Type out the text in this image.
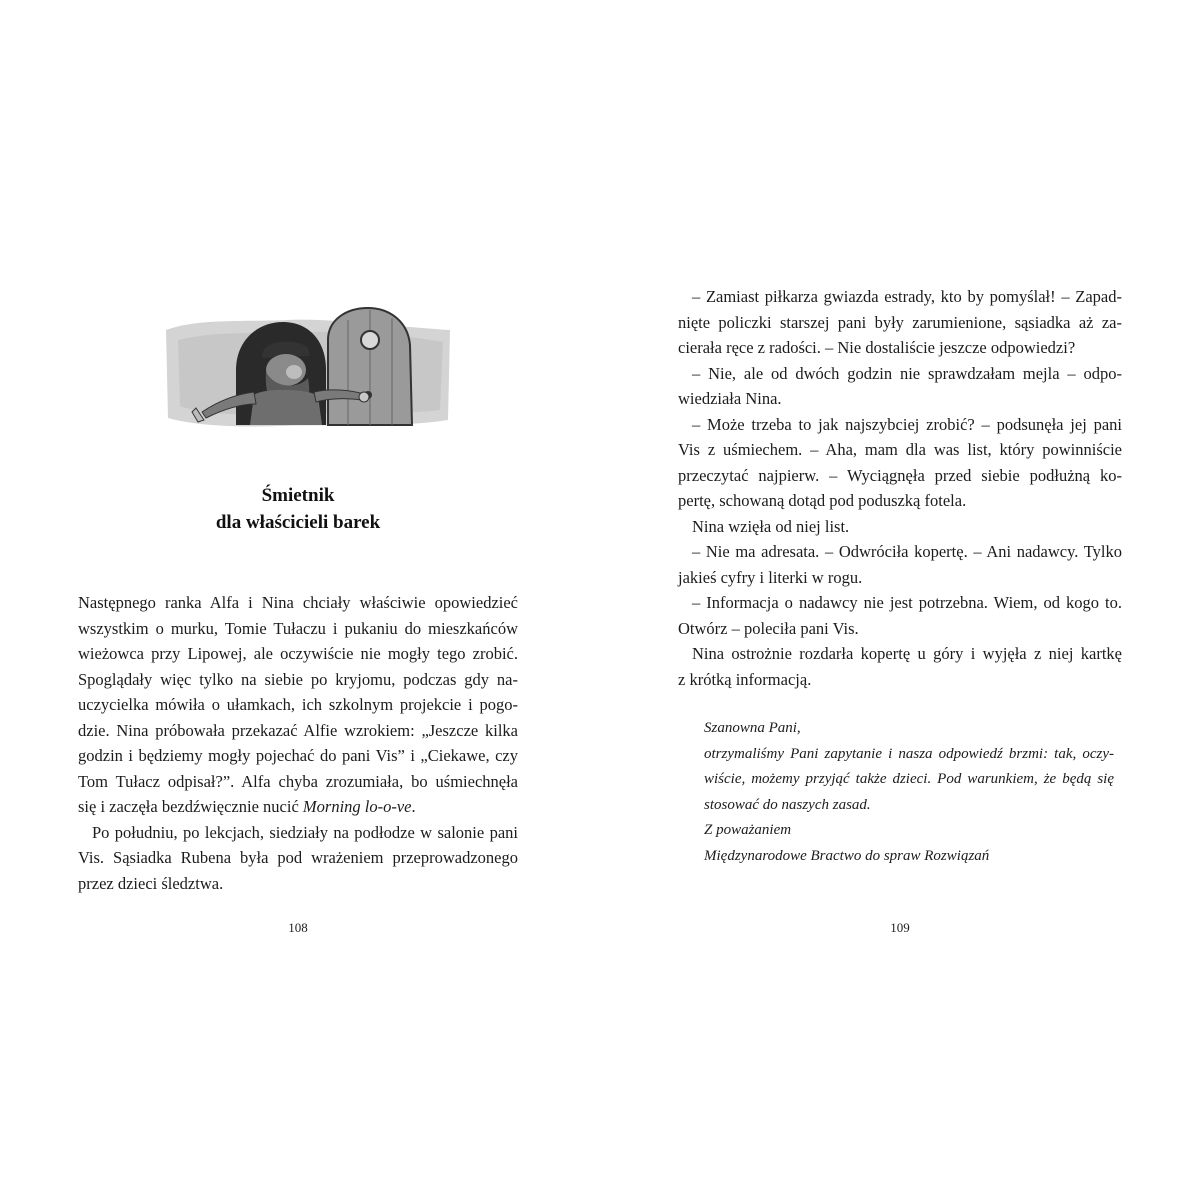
Śmietnik
dla właścicieli barek
Następnego ranka Alfa i Nina chciały właściwie opowiedzieć
wszystkim o murku, Tomie Tułaczu i pukaniu do mieszkańców
wieżowca przy Lipowej, ale oczywiście nie mogły tego zrobić.
Spoglądały więc tylko na siebie po kryjomu, podczas gdy na-
uczycielka mówiła o ułamkach, ich szkolnym projekcie i pogo-
dzie. Nina próbowała przekazać Alfie wzrokiem: „Jeszcze kilka
godzin i będziemy mogły pojechać do pani Vis” i „Ciekawe, czy
Tom Tułacz odpisał?”. Alfa chyba zrozumiała, bo uśmiechnęła
się i zaczęła bezdźwięcznie nucić Morning lo-o-ve.
Po południu, po lekcjach, siedziały na podłodze w salonie pani
Vis. Sąsiadka Rubena była pod wrażeniem przeprowadzonego
przez dzieci śledztwa.
108
– Zamiast piłkarza gwiazda estrady, kto by pomyślał! – Zapad-
nięte policzki starszej pani były zarumienione, sąsiadka aż za-
cierała ręce z radości. – Nie dostaliście jeszcze odpowiedzi?
– Nie, ale od dwóch godzin nie sprawdzałam mejla – odpo-
wiedziała Nina.
– Może trzeba to jak najszybciej zrobić? – podsunęła jej pani
Vis z uśmiechem. – Aha, mam dla was list, który powinniście
przeczytać najpierw. – Wyciągnęła przed siebie podłużną ko-
pertę, schowaną dotąd pod poduszką fotela.
Nina wzięła od niej list.
– Nie ma adresata. – Odwróciła kopertę. – Ani nadawcy. Tylko
jakieś cyfry i literki w rogu.
– Informacja o nadawcy nie jest potrzebna. Wiem, od kogo to.
Otwórz – poleciła pani Vis.
Nina ostrożnie rozdarła kopertę u góry i wyjęła z niej kartkę
z krótką informacją.

Szanowna Pani,

otrzymaliśmy Pani zapytanie i nasza odpowiedź brzmi: tak, oczy-
wiście, możemy przyjąć także dzieci. Pod warunkiem, że będą się
stosować do naszych zasad.

Z poważaniem

Międzynarodowe Bractwo do spraw Rozwiązań

109
